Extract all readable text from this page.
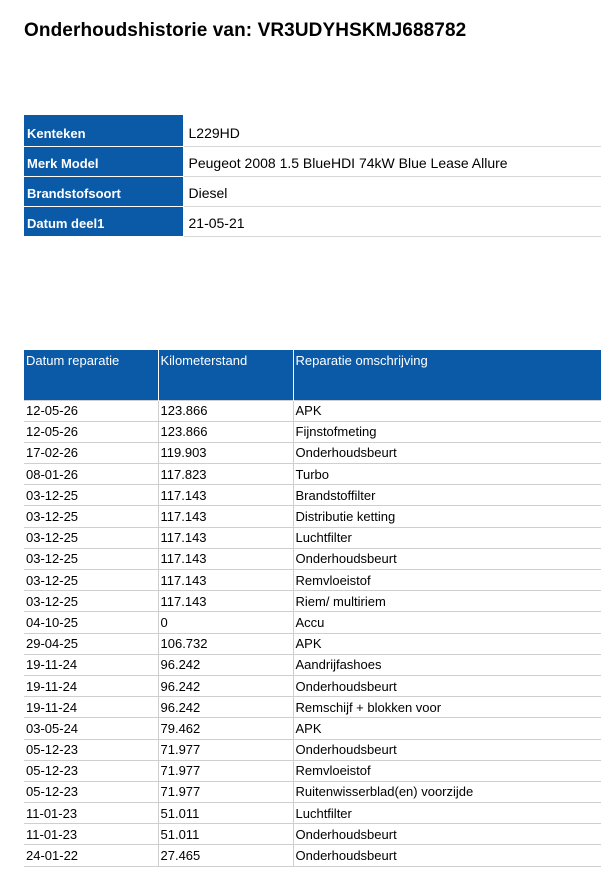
Onderhoudshistorie van: VR3UDYHSKMJ688782
Kenteken	L229HD
Merk Model	Peugeot 2008 1.5 BlueHDI 74kW Blue Lease Allure
Brandstofsoort	Diesel
Datum deel1	21-05-21
Datum reparatie	Kilometerstand	Reparatie omschrijving
12-05-26	123.866	APK
12-05-26	123.866	Fijnstofmeting
17-02-26	119.903	Onderhoudsbeurt
08-01-26	117.823	Turbo
03-12-25	117.143	Brandstoffilter
03-12-25	117.143	Distributie ketting
03-12-25	117.143	Luchtfilter
03-12-25	117.143	Onderhoudsbeurt
03-12-25	117.143	Remvloeistof
03-12-25	117.143	Riem/ multiriem
04-10-25	0	Accu
29-04-25	106.732	APK
19-11-24	96.242	Aandrijfashoes
19-11-24	96.242	Onderhoudsbeurt
19-11-24	96.242	Remschijf + blokken voor
03-05-24	79.462	APK
05-12-23	71.977	Onderhoudsbeurt
05-12-23	71.977	Remvloeistof
05-12-23	71.977	Ruitenwisserblad(en) voorzijde
11-01-23	51.011	Luchtfilter
11-01-23	51.011	Onderhoudsbeurt
24-01-22	27.465	Onderhoudsbeurt
